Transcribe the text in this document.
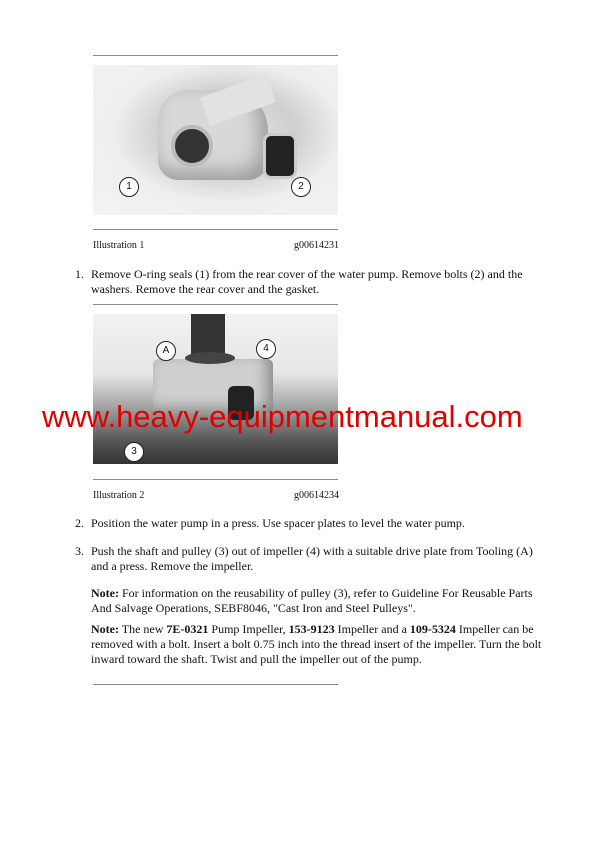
1	2
Illustration 1	g00614231
1. Remove O-ring seals (1) from the rear cover of the water pump. Remove bolts (2) and the washers. Remove the rear cover and the gasket.
A	4
3
Illustration 2	g00614234
2. Position the water pump in a press. Use spacer plates to level the water pump.
3. Push the shaft and pulley (3) out of impeller (4) with a suitable drive plate from Tooling (A) and a press. Remove the impeller.
Note: For information on the reusability of pulley (3), refer to Guideline For Reusable Parts And Salvage Operations, SEBF8046, "Cast Iron and Steel Pulleys".
Note: The new 7E-0321 Pump Impeller, 153-9123 Impeller and a 109-5324 Impeller can be removed with a bolt. Insert a bolt 0.75 inch into the thread insert of the impeller. Turn the bolt inward toward the shaft. Twist and pull the impeller out of the pump.
www.heavy-equipmentmanual.com
